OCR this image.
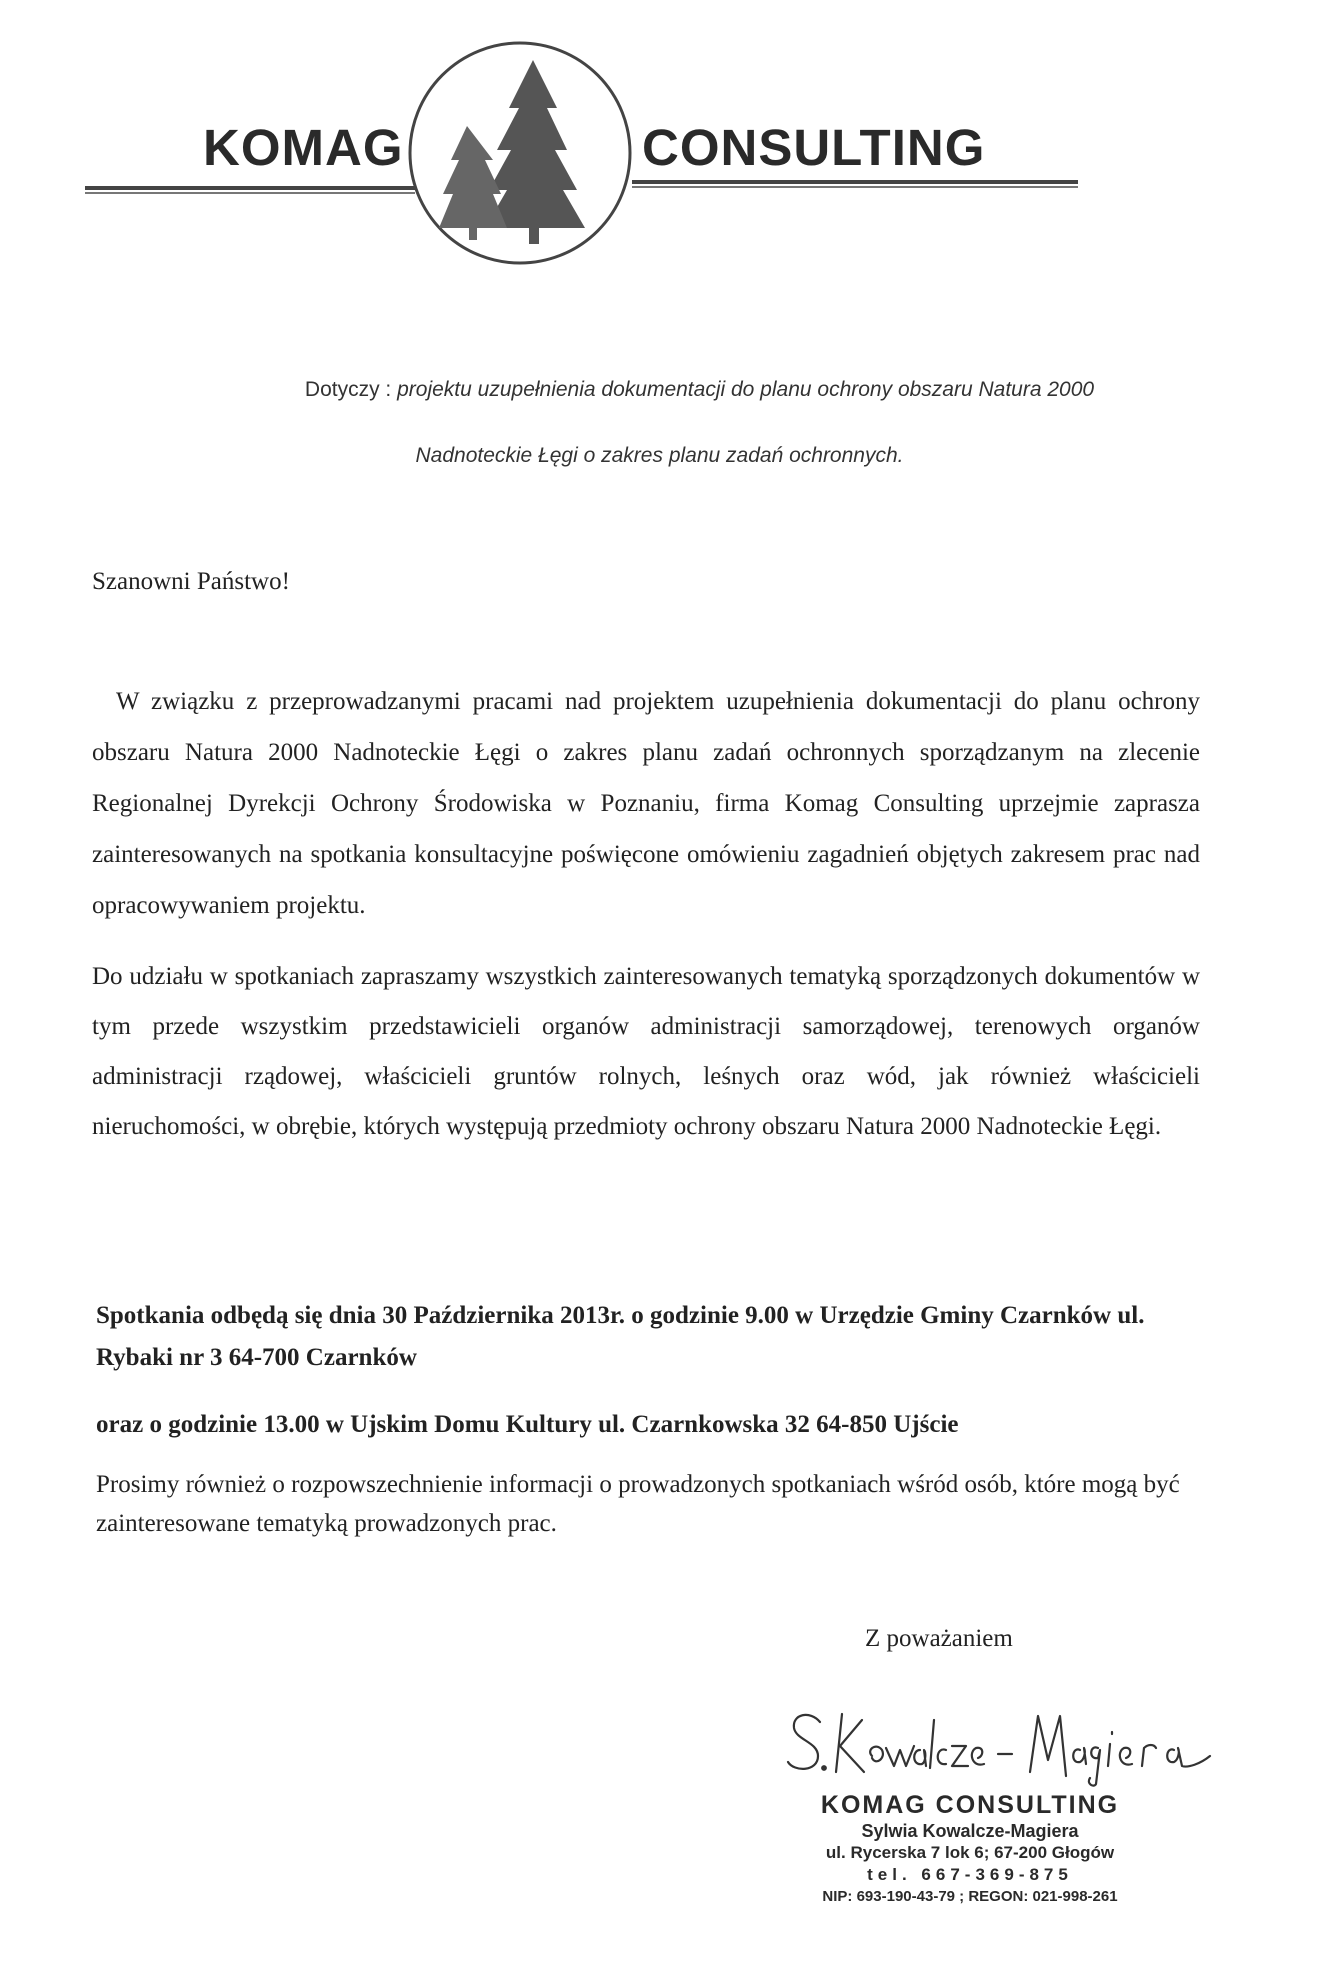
KOMAG	CONSULTING
Dotyczy : projektu uzupełnienia dokumentacji do planu ochrony obszaru Natura 2000
Nadnoteckie Łęgi o zakres planu zadań ochronnych.
Szanowni Państwo!
W związku z przeprowadzanymi pracami nad projektem uzupełnienia dokumentacji do planu ochrony obszaru Natura 2000 Nadnoteckie Łęgi o zakres planu zadań ochronnych sporządzanym na zlecenie Regionalnej Dyrekcji Ochrony Środowiska w Poznaniu, firma Komag Consulting uprzejmie zaprasza zainteresowanych na spotkania konsultacyjne poświęcone omówieniu zagadnień objętych zakresem prac nad opracowywaniem projektu.
Do udziału w spotkaniach zapraszamy wszystkich zainteresowanych tematyką sporządzonych dokumentów w tym przede wszystkim przedstawicieli organów administracji samorządowej, terenowych organów administracji rządowej, właścicieli gruntów rolnych, leśnych oraz wód, jak również właścicieli nieruchomości, w obrębie, których występują przedmioty ochrony obszaru Natura 2000 Nadnoteckie Łęgi.
Spotkania odbędą się dnia 30 Października 2013r. o godzinie 9.00 w Urzędzie Gminy Czarnków ul. Rybaki nr 3 64-700 Czarnków
oraz o godzinie 13.00 w Ujskim Domu Kultury ul. Czarnkowska 32 64-850 Ujście
Prosimy również o rozpowszechnienie informacji o prowadzonych spotkaniach wśród osób, które mogą być zainteresowane tematyką prowadzonych prac.
Z poważaniem
KOMAG CONSULTING
Sylwia Kowalcze-Magiera
ul. Rycerska 7 lok 6; 67-200 Głogów
tel. 667-369-875
NIP: 693-190-43-79 ; REGON: 021-998-261
